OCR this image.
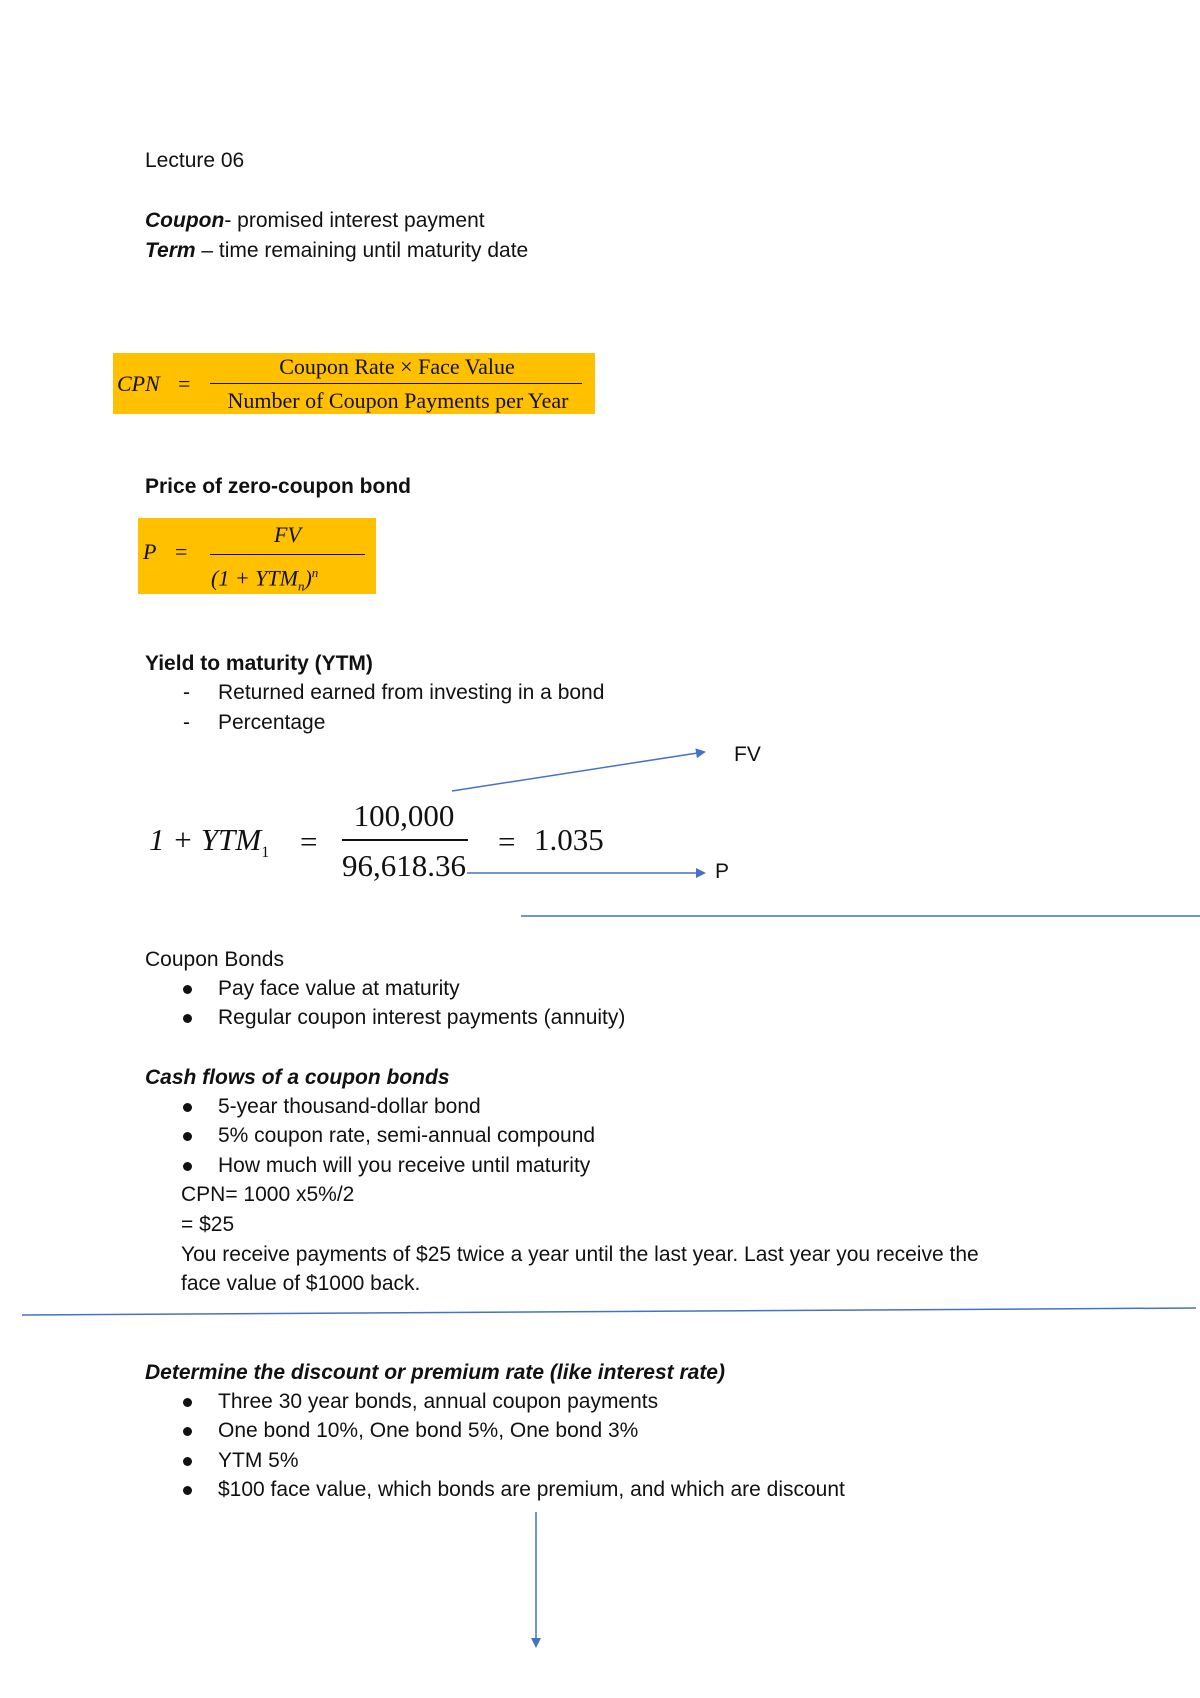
Lecture 06
Coupon- promised interest payment
Term – time remaining until maturity date
CPN =
Coupon Rate × Face Value
Number of Coupon Payments per Year
Price of zero-coupon bond
P =
FV
$(1 + YTM_n)^n$
Yield to maturity (YTM)
- Returned earned from investing in a bond
- Percentage
$1 + YTM_1$ =
100,000
96,618.36
= 1.035
FV
P
Coupon Bonds
Pay face value at maturity
Regular coupon interest payments (annuity)
Cash flows of a coupon bonds
5-year thousand-dollar bond
5% coupon rate, semi-annual compound
How much will you receive until maturity
CPN= 1000 x5%/2
= $25
You receive payments of $25 twice a year until the last year. Last year you receive the
face value of $1000 back.
Determine the discount or premium rate (like interest rate)
Three 30 year bonds, annual coupon payments
One bond 10%, One bond 5%, One bond 3%
YTM 5%
$100 face value, which bonds are premium, and which are discount
